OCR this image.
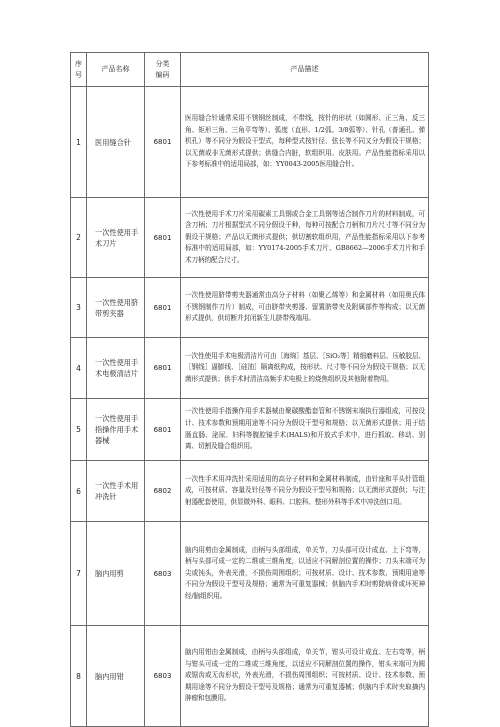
序号	产品名称	分类编码	产品描述
1	医用缝合针	6801	医用缝合针通常采用不锈钢丝制成，不带线，按针的形状（如圆形、正三角、反三角、矩形三角、三角平弯等）、弧度（直形、1/2弧、3/8弧等）、针孔（普通孔、弹机孔）等不同分为假设干型式，每种型式按针径、弦长等不同又分为假设干规格；以无菌或非无菌形式提供；供缝合内脏，软组织用、皮肤用。产品性能指标采用以下参考标准中的适用局部，如：YY0043-2005医用缝合针。
2	一次性使用手术刀片	6801	一次性使用手术刀片采用碳素工具钢或合金工具钢等适合制作刀片的材料制成，可含刀柄；刀片根据型式不同分假设干种，每种可按配合刀柄和刀片尺寸等不同分为假设干规格；产品以无菌形式提供；供切割软组织用，产品性能指标采用以下参考标准中的适用局部，如：YY0174-2005手术刀片、GB8662—2006手术刀片和手术刀柄的配合尺寸。
3	一次性使用脐带剪夹器	6801	一次性使用脐带剪夹器通常由高分子材料（如聚乙烯等）和金属材料（如用奥氏体不锈钢制作刀片）制成，可由脐带夹剪器、留置脐带夹及附属部件等构成；以无菌形式提供，供切断并封闭新生儿脐带残端用。
4	一次性使用手术电极清洁片	6801	一次性使用手术电极清洁片可由［海绵］基层、［SiO₂等］精细磨料层、压敏胶层、［钢线］逼膨线、［硅油］隔离纸构成，按形状、尺寸等不同分为假设干规格；以无菌形式提供；供手术时清洁高频手术电极上的烧焦组织及其他附着物用。
5	一次性使用手指操作用手术器械	6801	一次性使用手指操作用手术器械由聚碳酸酯套管和不锈钢末端执行器组成，可按设计、技术参数和预期用途等不同分为假设干型号和规格；以无菌形式提供；用于结肠直肠、泌尿、妇科等腹腔镜手术(HALS)和开放式手术中，进行抓取、移动、别离、切割及缝合组织用。
6	一次性手术用冲洗针	6802	一次性手术用冲洗针采用适用的高分子材料和金属材料制成，由针座和平头针管组成，可按材质、容量及针径等不同分为假设干型号和规格；以无菌形式提供；与注射器配套使用，供显微外科、眼科、口腔科、整形外科等手术中冲洗创口用。
7	脑内用剪	6803	脑内用剪由金属制成，由柄与头部组成，单关节，刀头部可设计成直、上下弯等，柄与头部可成一定的二维或三维角度，以适应不同解剖位置的操作；刀头末端可为尖或钝头，外表光滑，不损伤周围组织；可按材质、设计、技术参数、预期用途等不同分为假设干型号及规格；通常为可重复器械；供脑内手术时剪除病骨或坏死神经/脑组织用。
8	脑内用钳	6803	脑内用钳由金属制成，由柄与头部组成，单关节，钳头可设计成直、左右弯等，柄与钳头可成一定的二维或三维角度，以适应不同解剖位置的操作，钳头末端可为圆或锯齿或无齿形状，外表光滑，不损伤周围组织；可按材质、设计、技术参数、预期用途等不同分为假设干型号及规格；通常为可重复器械；供脑内手术时夹取摘内肿瘤和包膜用。
